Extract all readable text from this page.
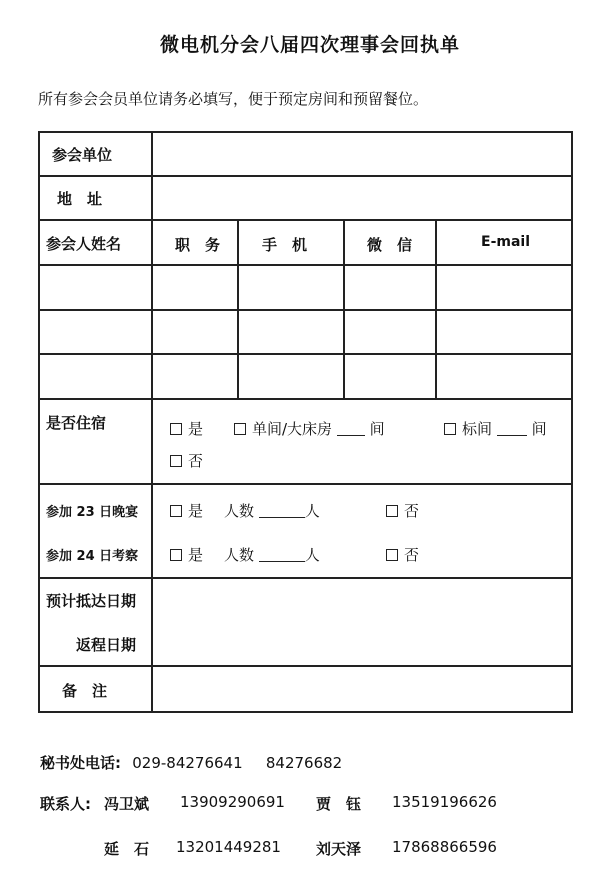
微电机分会八届四次理事会回执单
所有参会会员单位请务必填写，便于预定房间和预留餐位。
参会单位
地　址
参会人姓名	职　务	手　机	微　信	E-mail
是否住宿	是	单间/大床房	间	标间	间
否
参加 23 日晚宴	是 人数	人	否
参加 24 日考察	是 人数	人	否
预计抵达日期
返程日期
备　注
秘书处电话: 029-84276641 84276682
联系人: 冯卫斌 13909290691 贾　钰 13519196626
延　石 13201449281 刘天泽 17868866596
